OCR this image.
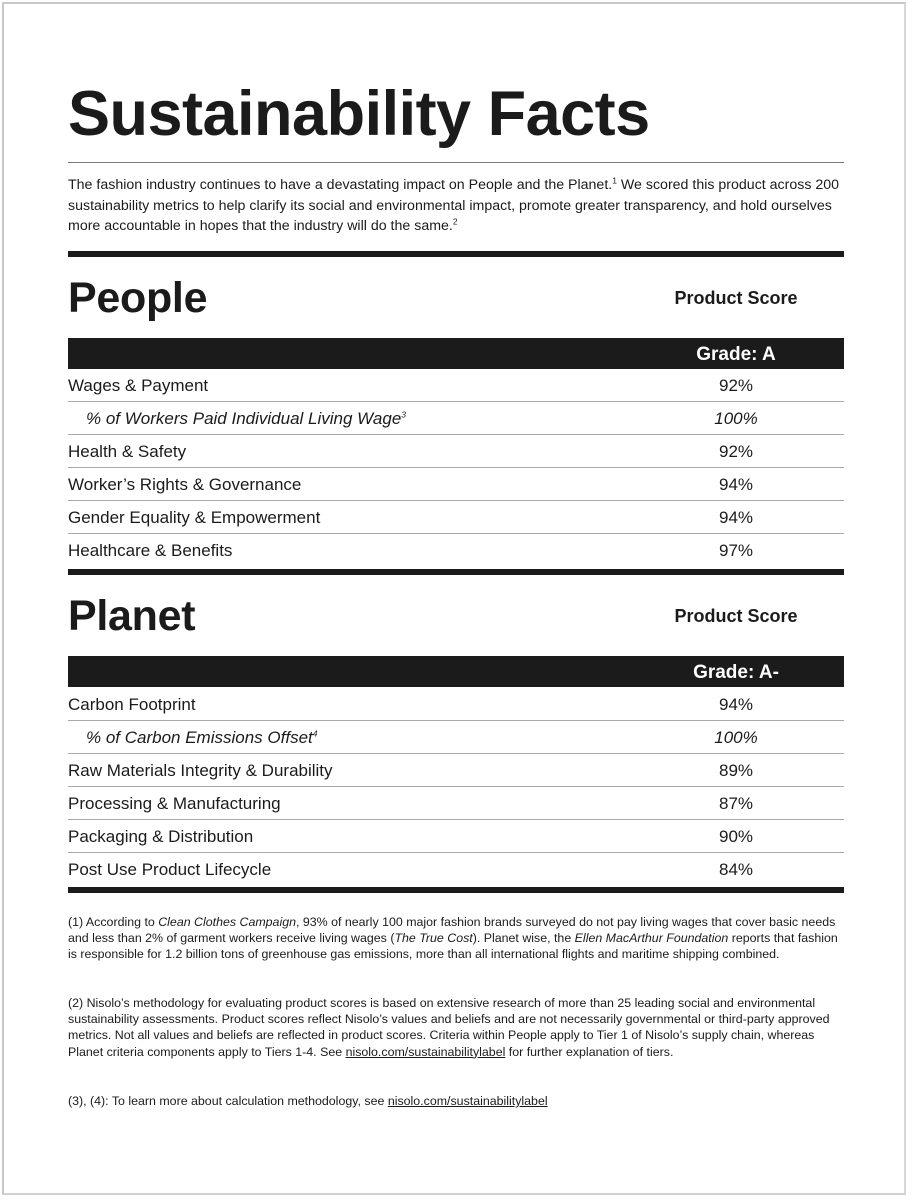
Sustainability Facts

The fashion industry continues to have a devastating impact on People and the Planet.$^1$ We scored this product across 200 sustainability metrics to help clarify its social and environmental impact, promote greater transparency, and hold ourselves more accountable in hopes that the industry will do the same.$^2$

People	Product Score
Grade: A
Wages & Payment	92%
% of Workers Paid Individual Living Wage$^3$	100%
Health & Safety	92%
Worker’s Rights & Governance	94%
Gender Equality & Empowerment	94%
Healthcare & Benefits	97%
Planet	Product Score
Grade: A-
Carbon Footprint	94%
% of Carbon Emissions Offset$^4$	100%
Raw Materials Integrity & Durability	89%
Processing & Manufacturing	87%
Packaging & Distribution	90%
Post Use Product Lifecycle	84%

(1) According to Clean Clothes Campaign, 93% of nearly 100 major fashion brands surveyed do not pay living wages that cover basic needs and less than 2% of garment workers receive living wages (The True Cost). Planet wise, the Ellen MacArthur Foundation reports that fashion is responsible for 1.2 billion tons of greenhouse gas emissions, more than all international flights and maritime shipping combined.

(2) Nisolo’s methodology for evaluating product scores is based on extensive research of more than 25 leading social and environmental sustainability assessments. Product scores reflect Nisolo’s values and beliefs and are not necessarily governmental or third-party approved metrics. Not all values and beliefs are reflected in product scores. Criteria within People apply to Tier 1 of Nisolo’s supply chain, whereas Planet criteria components apply to Tiers 1-4. See nisolo.com/sustainabilitylabel for further explanation of tiers.

(3), (4): To learn more about calculation methodology, see nisolo.com/sustainabilitylabel
